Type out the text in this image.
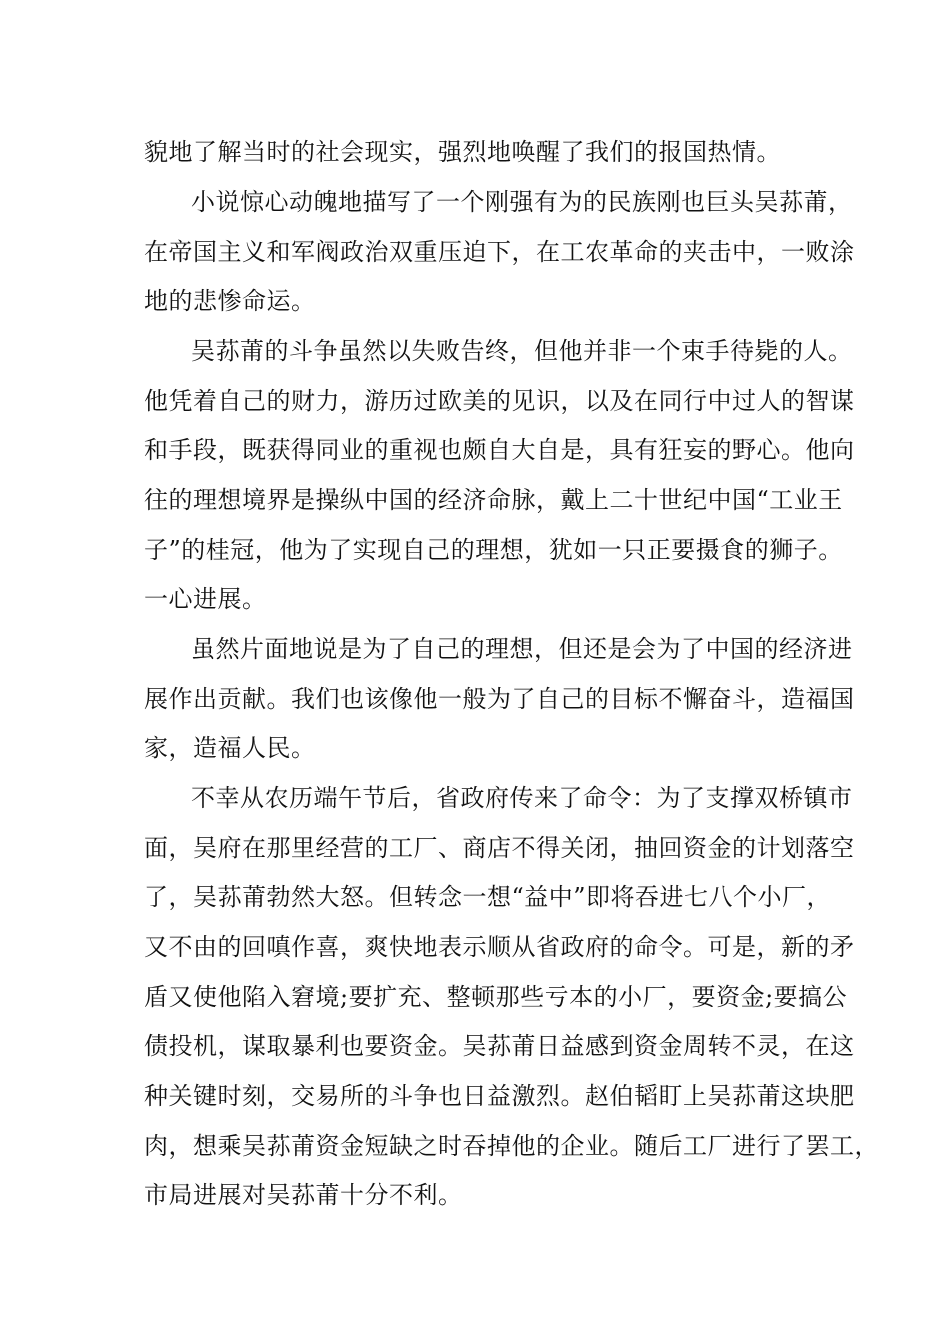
貌地了解当时的社会现实，强烈地唤醒了我们的报国热情。
小说惊心动魄地描写了一个刚强有为的民族刚也巨头吴荪莆，
在帝国主义和军阀政治双重压迫下，在工农革命的夹击中，一败涂
地的悲惨命运。
吴荪莆的斗争虽然以失败告终，但他并非一个束手待毙的人。
他凭着自己的财力，游历过欧美的见识，以及在同行中过人的智谋
和手段，既获得同业的重视也颇自大自是，具有狂妄的野心。他向
往的理想境界是操纵中国的经济命脉，戴上二十世纪中国“工业王
子”的桂冠，他为了实现自己的理想，犹如一只正要摄食的狮子。
一心进展。
虽然片面地说是为了自己的理想，但还是会为了中国的经济进
展作出贡献。我们也该像他一般为了自己的目标不懈奋斗，造福国
家，造福人民。
不幸从农历端午节后，省政府传来了命令：为了支撑双桥镇市
面，吴府在那里经营的工厂、商店不得关闭，抽回资金的计划落空
了，吴荪莆勃然大怒。但转念一想“益中”即将吞进七八个小厂，
又不由的回嗔作喜，爽快地表示顺从省政府的命令。可是，新的矛
盾又使他陷入窘境;要扩充、整顿那些亏本的小厂，要资金;要搞公
债投机，谋取暴利也要资金。吴荪莆日益感到资金周转不灵，在这
种关键时刻，交易所的斗争也日益激烈。赵伯韬盯上吴荪莆这块肥
肉，想乘吴荪莆资金短缺之时吞掉他的企业。随后工厂进行了罢工，
市局进展对吴荪莆十分不利。
